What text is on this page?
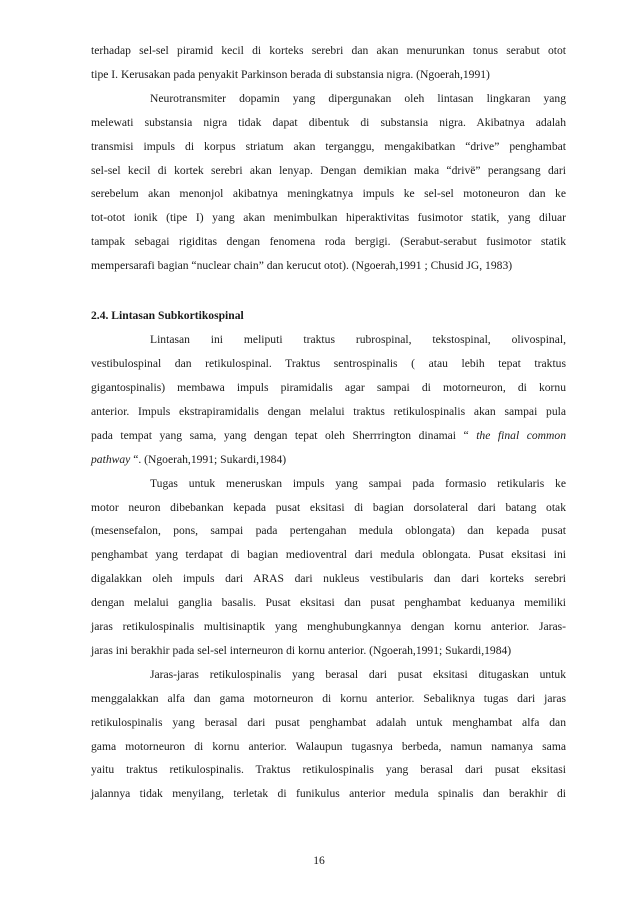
terhadap sel-sel piramid kecil di korteks serebri dan akan menurunkan tonus serabut otot
tipe I. Kerusakan pada penyakit Parkinson berada di substansia nigra. (Ngoerah,1991)
Neurotransmiter dopamin yang dipergunakan oleh lintasan lingkaran yang
melewati substansia nigra tidak dapat dibentuk di substansia nigra. Akibatnya adalah
transmisi impuls di korpus striatum akan terganggu, mengakibatkan “drive” penghambat
sel-sel kecil di kortek serebri akan lenyap. Dengan demikian maka “drivë” perangsang dari
serebelum akan menonjol akibatnya meningkatnya impuls ke sel-sel motoneuron dan ke
tot-otot ionik (tipe I) yang akan menimbulkan hiperaktivitas fusimotor statik, yang diluar
tampak sebagai rigiditas dengan fenomena roda bergigi. (Serabut-serabut fusimotor statik
mempersarafi bagian “nuclear chain” dan kerucut otot). (Ngoerah,1991 ; Chusid JG, 1983)
2.4. Lintasan Subkortikospinal
Lintasan ini meliputi traktus rubrospinal, tekstospinal, olivospinal,
vestibulospinal dan retikulospinal. Traktus sentrospinalis ( atau lebih tepat traktus
gigantospinalis) membawa impuls piramidalis agar sampai di motorneuron, di kornu
anterior. Impuls ekstrapiramidalis dengan melalui traktus retikulospinalis akan sampai pula
pada tempat yang sama, yang dengan tepat oleh Sherrrington dinamai “ the final common
pathway “. (Ngoerah,1991; Sukardi,1984)
Tugas untuk meneruskan impuls yang sampai pada formasio retikularis ke
motor neuron dibebankan kepada pusat eksitasi di bagian dorsolateral dari batang otak
(mesensefalon, pons, sampai pada pertengahan medula oblongata) dan kepada pusat
penghambat yang terdapat di bagian medioventral dari medula oblongata. Pusat eksitasi ini
digalakkan oleh impuls dari ARAS dari nukleus vestibularis dan dari korteks serebri
dengan melalui ganglia basalis. Pusat eksitasi dan pusat penghambat keduanya memiliki
jaras retikulospinalis multisinaptik yang menghubungkannya dengan kornu anterior. Jaras-
jaras ini berakhir pada sel-sel interneuron di kornu anterior. (Ngoerah,1991; Sukardi,1984)
Jaras-jaras retikulospinalis yang berasal dari pusat eksitasi ditugaskan untuk
menggalakkan alfa dan gama motorneuron di kornu anterior. Sebaliknya tugas dari jaras
retikulospinalis yang berasal dari pusat penghambat adalah untuk menghambat alfa dan
gama motorneuron di kornu anterior. Walaupun tugasnya berbeda, namun namanya sama
yaitu traktus retikulospinalis. Traktus retikulospinalis yang berasal dari pusat eksitasi
jalannya tidak menyilang, terletak di funikulus anterior medula spinalis dan berakhir di
16
